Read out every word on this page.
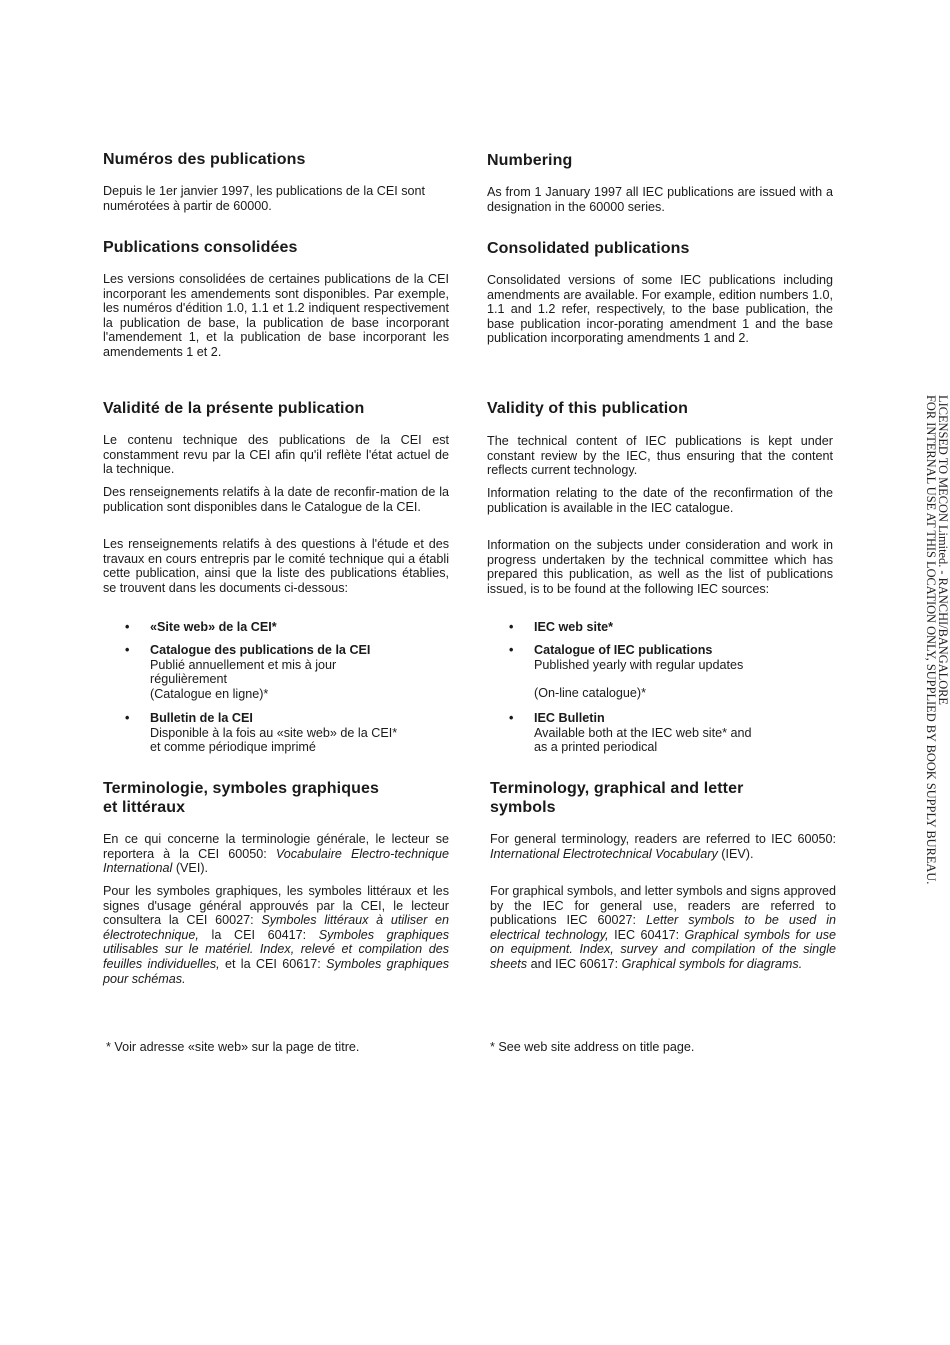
Numéros des publications

Depuis le 1er janvier 1997, les publications de la CEI sont numérotées à partir de 60000.

Publications consolidées

Les versions consolidées de certaines publications de la CEI incorporant les amendements sont disponibles. Par exemple, les numéros d'édition 1.0, 1.1 et 1.2 indiquent respectivement la publication de base, la publication de base incorporant l'amendement 1, et la publication de base incorporant les amendements 1 et 2.

Validité de la présente publication

Le contenu technique des publications de la CEI est constamment revu par la CEI afin qu'il reflète l'état actuel de la technique.

Des renseignements relatifs à la date de reconfir-mation de la publication sont disponibles dans le Catalogue de la CEI.

Les renseignements relatifs à des questions à l'étude et des travaux en cours entrepris par le comité technique qui a établi cette publication, ainsi que la liste des publications établies, se trouvent dans les documents ci-dessous:

• «Site web» de la CEI*
• Catalogue des publications de la CEI
Publié annuellement et mis à jour
régulièrement
(Catalogue en ligne)*
• Bulletin de la CEI
Disponible à la fois au «site web» de la CEI*
et comme périodique imprimé
Terminologie, symboles graphiques
et littéraux

En ce qui concerne la terminologie générale, le lecteur se reportera à la CEI 60050: Vocabulaire Electro-technique International (VEI).

Pour les symboles graphiques, les symboles littéraux et les signes d'usage général approuvés par la CEI, le lecteur consultera la CEI 60027: Symboles littéraux à utiliser en électrotechnique, la CEI 60417: Symboles graphiques utilisables sur le matériel. Index, relevé et compilation des feuilles individuelles, et la CEI 60617: Symboles graphiques pour schémas.

* Voir adresse «site web» sur la page de titre.
Numbering

As from 1 January 1997 all IEC publications are issued with a designation in the 60000 series.

Consolidated publications

Consolidated versions of some IEC publications including amendments are available. For example, edition numbers 1.0, 1.1 and 1.2 refer, respectively, to the base publication, the base publication incor-porating amendment 1 and the base publication incorporating amendments 1 and 2.

Validity of this publication

The technical content of IEC publications is kept under constant review by the IEC, thus ensuring that the content reflects current technology.

Information relating to the date of the reconfirmation of the publication is available in the IEC catalogue.

Information on the subjects under consideration and work in progress undertaken by the technical committee which has prepared this publication, as well as the list of publications issued, is to be found at the following IEC sources:

• IEC web site*
• Catalogue of IEC publications
Published yearly with regular updates
(On-line catalogue)*
• IEC Bulletin
Available both at the IEC web site* and
as a printed periodical
Terminology, graphical and letter
symbols

For general terminology, readers are referred to IEC 60050: International Electrotechnical Vocabulary (IEV).

For graphical symbols, and letter symbols and signs approved by the IEC for general use, readers are referred to publications IEC 60027: Letter symbols to be used in electrical technology, IEC 60417: Graphical symbols for use on equipment. Index, survey and compilation of the single sheets and IEC 60617: Graphical symbols for diagrams.

* See web site address on title page.
LICENSED TO MECON Limited. - RANCHI/BANGALORE
FOR INTERNAL USE AT THIS LOCATION ONLY, SUPPLIED BY BOOK SUPPLY BUREAU.
